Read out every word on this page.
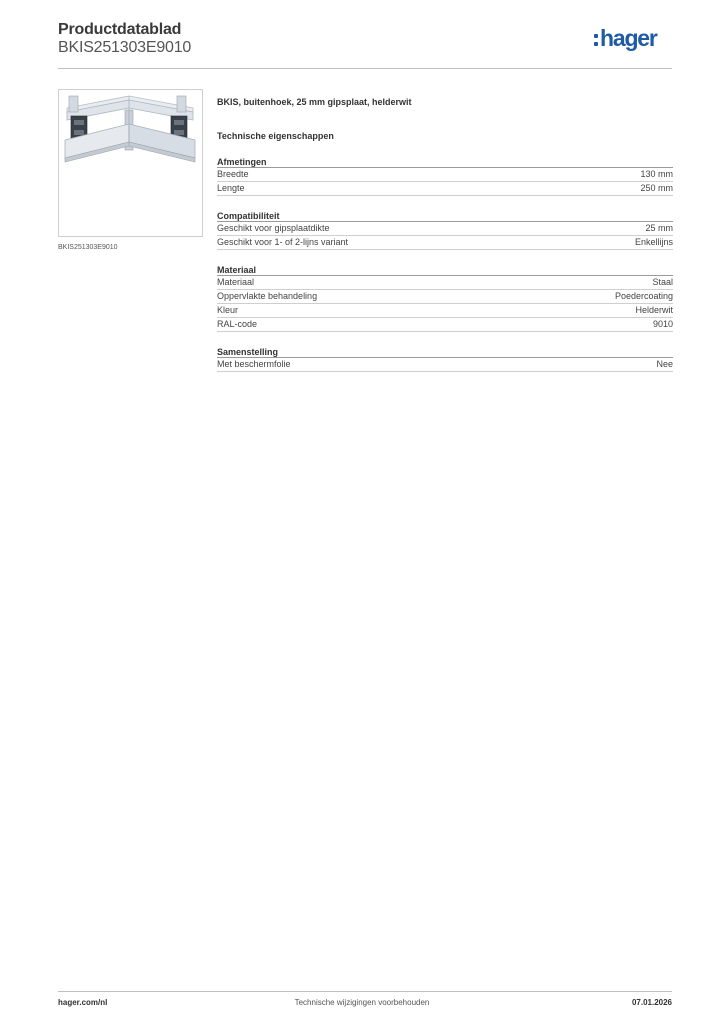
Productdatablad
BKIS251303E9010	hager
BKIS251303E9010
BKIS, buitenhoek, 25 mm gipsplaat, helderwit
Technische eigenschappen
Afmetingen
Breedte	130 mm
Lengte	250 mm
Compatibiliteit
Geschikt voor gipsplaatdikte	25 mm
Geschikt voor 1- of 2-lijns variant	Enkellijns
Materiaal
Materiaal	Staal
Oppervlakte behandeling	Poedercoating
Kleur	Helderwit
RAL-code	9010
Samenstelling
Met beschermfolie	Nee
hager.com/nl	Technische wijzigingen voorbehouden	07.01.2026
